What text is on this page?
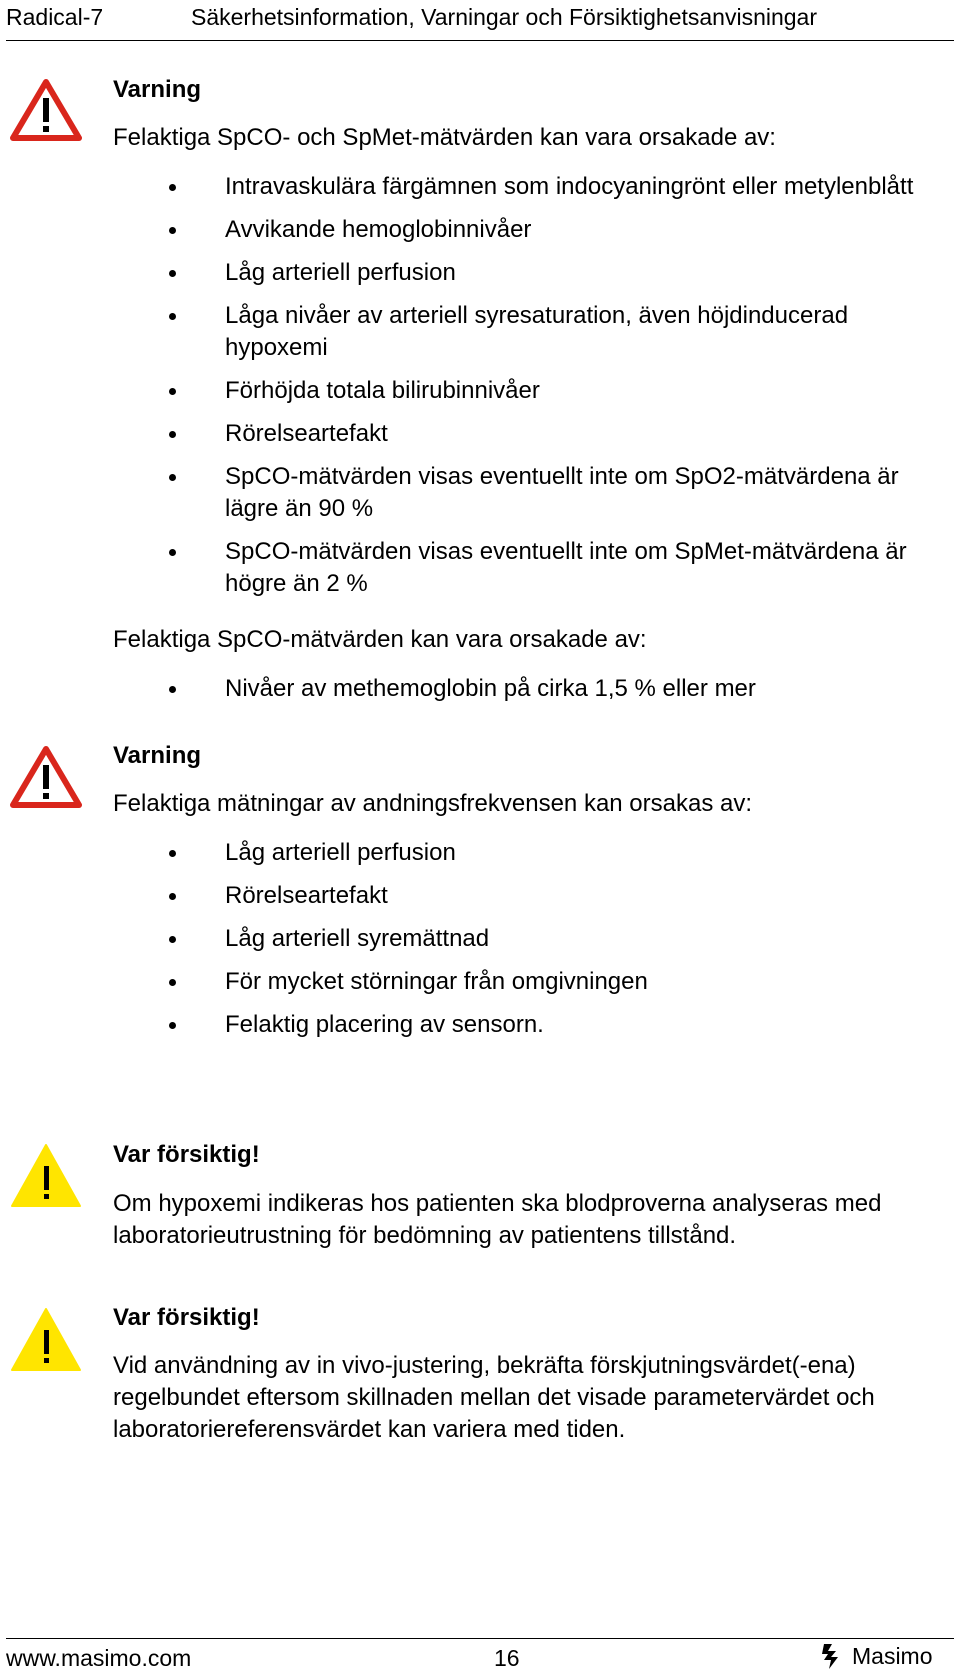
Radical-7	Säkerhetsinformation, Varningar och Försiktighetsanvisningar
Varning
Felaktiga SpCO- och SpMet-mätvärden kan vara orsakade av:
Intravaskulära färgämnen som indocyaningrönt eller metylenblått
Avvikande hemoglobinnivåer
Låg arteriell perfusion
Låga nivåer av arteriell syresaturation, även höjdinducerad hypoxemi
Förhöjda totala bilirubinnivåer
Rörelseartefakt
SpCO-mätvärden visas eventuellt inte om SpO2-mätvärdena är lägre än 90 %
SpCO-mätvärden visas eventuellt inte om SpMet-mätvärdena är högre än 2 %
Felaktiga SpCO-mätvärden kan vara orsakade av:
Nivåer av methemoglobin på cirka 1,5 % eller mer
Varning
Felaktiga mätningar av andningsfrekvensen kan orsakas av:
Låg arteriell perfusion
Rörelseartefakt
Låg arteriell syremättnad
För mycket störningar från omgivningen
Felaktig placering av sensorn.
Var försiktig!

Om hypoxemi indikeras hos patienten ska blodproverna analyseras med laboratorieutrustning för bedömning av patientens tillstånd.

Var försiktig!

Vid användning av in vivo-justering, bekräfta förskjutningsvärdet(-ena) regelbundet eftersom skillnaden mellan det visade parametervärdet och laboratoriereferensvärdet kan variera med tiden.

www.masimo.com	16	Masimo
